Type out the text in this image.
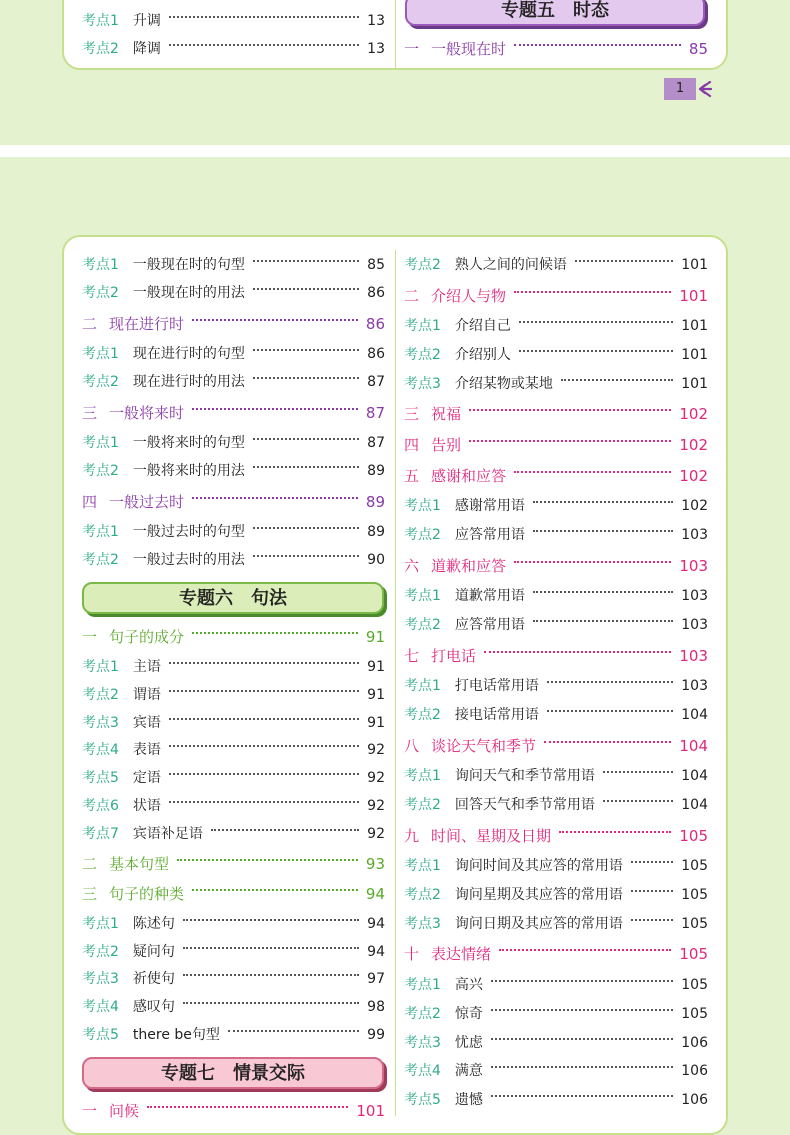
考点1 升调	13
考点2 降调	13
专题五　时态
一 一般现在时	85
1
考点1 一般现在时的句型	85
考点2 一般现在时的用法	86
二 现在进行时	86
考点1 现在进行时的句型	86
考点2 现在进行时的用法	87
三 一般将来时	87
考点1 一般将来时的句型	87
考点2 一般将来时的用法	89
四 一般过去时	89
考点1 一般过去时的句型	89
考点2 一般过去时的用法	90
专题六　句法
一 句子的成分	91
考点1 主语	91
考点2 谓语	91
考点3 宾语	91
考点4 表语	92
考点5 定语	92
考点6 状语	92
考点7 宾语补足语	92
二 基本句型	93
三 句子的种类	94
考点1 陈述句	94
考点2 疑问句	94
考点3 祈使句	97
考点4 感叹句	98
考点5 there be句型	99
专题七　情景交际
一 问候	101
考点2 熟人之间的问候语	101
二 介绍人与物	101
考点1 介绍自己	101
考点2 介绍别人	101
考点3 介绍某物或某地	101
三 祝福	102
四 告别	102
五 感谢和应答	102
考点1 感谢常用语	102
考点2 应答常用语	103
六 道歉和应答	103
考点1 道歉常用语	103
考点2 应答常用语	103
七 打电话	103
考点1 打电话常用语	103
考点2 接电话常用语	104
八 谈论天气和季节	104
考点1 询问天气和季节常用语	104
考点2 回答天气和季节常用语	104
九 时间、星期及日期	105
考点1 询问时间及其应答的常用语	105
考点2 询问星期及其应答的常用语	105
考点3 询问日期及其应答的常用语	105
十 表达情绪	105
考点1 高兴	105
考点2 惊奇	105
考点3 忧虑	106
考点4 满意	106
考点5 遗憾	106
